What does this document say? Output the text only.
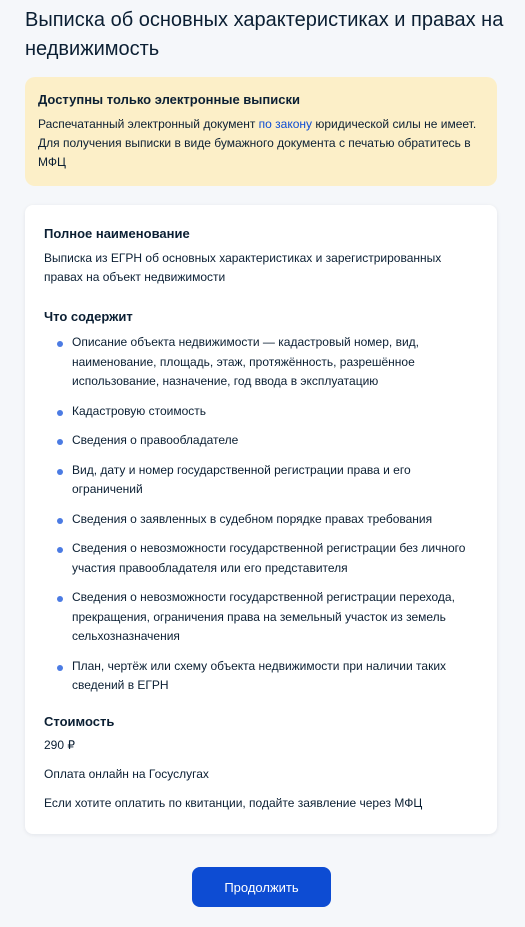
Выписка об основных характеристиках и правах на недвижимость

Доступны только электронные выписки

Распечатанный электронный документ по закону юридической силы не имеет. Для получения выписки в виде бумажного документа с печатью обратитесь в МФЦ

Полное наименование

Выписка из ЕГРН об основных характеристиках и зарегистрированных правах на объект недвижимости

Что содержит

Описание объекта недвижимости — кадастровый номер, вид, наименование, площадь, этаж, протяжённость, разрешённое использование, назначение, год ввода в эксплуатацию
Кадастровую стоимость
Сведения о правообладателе
Вид, дату и номер государственной регистрации права и его ограничений
Сведения о заявленных в судебном порядке правах требования
Сведения о невозможности государственной регистрации без личного участия правообладателя или его представителя
Сведения о невозможности государственной регистрации перехода, прекращения, ограничения права на земельный участок из земель сельхозназначения
План, чертёж или схему объекта недвижимости при наличии таких сведений в ЕГРН

Стоимость

290 ₽

Оплата онлайн на Госуслугах

Если хотите оплатить по квитанции, подайте заявление через МФЦ

Продолжить
